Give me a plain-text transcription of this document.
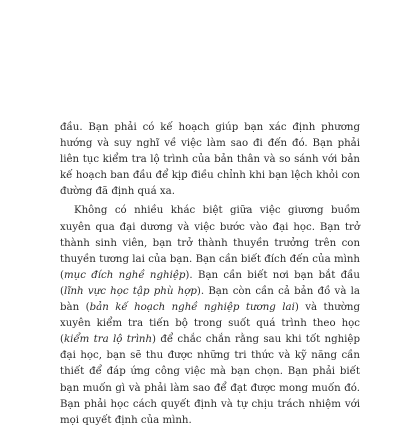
đầu. Bạn phải có kế hoạch giúp bạn xác định phương hướng và suy nghĩ về việc làm sao đi đến đó. Bạn phải liên tục kiểm tra lộ trình của bản thân và so sánh với bản kế hoạch ban đầu để kịp điều chỉnh khi bạn lệch khỏi con đường đã định quá xa.

Không có nhiều khác biệt giữa việc giương buồm xuyên qua đại dương và việc bước vào đại học. Bạn trở thành sinh viên, bạn trở thành thuyền trưởng trên con thuyền tương lai của bạn. Bạn cần biết đích đến của mình (mục đích nghề nghiệp). Bạn cần biết nơi bạn bắt đầu (lĩnh vực học tập phù hợp). Bạn còn cần cả bản đồ và la bàn (bản kế hoạch nghề nghiệp tương lai) và thường xuyên kiểm tra tiến bộ trong suốt quá trình theo học (kiểm tra lộ trình) để chắc chắn rằng sau khi tốt nghiệp đại học, bạn sẽ thu được những tri thức và kỹ năng cần thiết để đáp ứng công việc mà bạn chọn. Bạn phải biết bạn muốn gì và phải làm sao để đạt được mong muốn đó. Bạn phải học cách quyết định và tự chịu trách nhiệm với mọi quyết định của mình.
